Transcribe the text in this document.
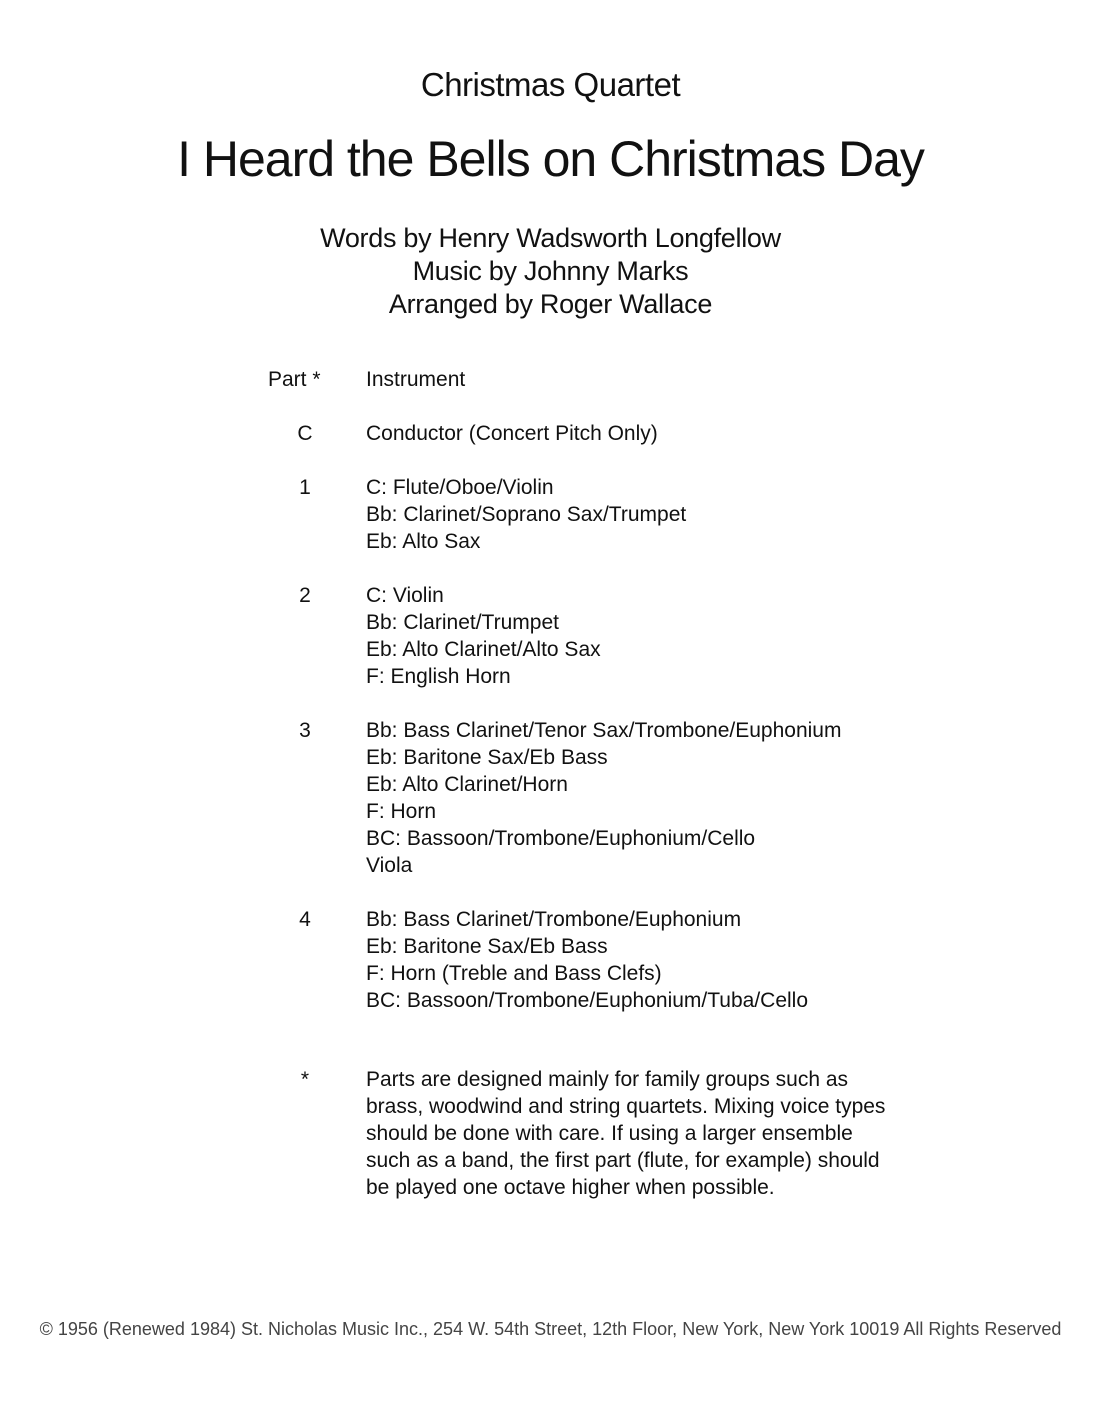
Christmas Quartet
I Heard the Bells on Christmas Day
Words by Henry Wadsworth Longfellow
Music by Johnny Marks
Arranged by Roger Wallace
Part * Instrument
C	Conductor (Concert Pitch Only)
1	C: Flute/Oboe/Violin
Bb: Clarinet/Soprano Sax/Trumpet
Eb: Alto Sax
2	C: Violin
Bb: Clarinet/Trumpet
Eb: Alto Clarinet/Alto Sax
F: English Horn
3	Bb: Bass Clarinet/Tenor Sax/Trombone/Euphonium
Eb: Baritone Sax/Eb Bass
Eb: Alto Clarinet/Horn
F: Horn
BC: Bassoon/Trombone/Euphonium/Cello
Viola
4	Bb: Bass Clarinet/Trombone/Euphonium
Eb: Baritone Sax/Eb Bass
F: Horn (Treble and Bass Clefs)
BC: Bassoon/Trombone/Euphonium/Tuba/Cello
*	Parts are designed mainly for family groups such as brass, woodwind and string quartets. Mixing voice types should be done with care. If using a larger ensemble such as a band, the first part (flute, for example) should be played one octave higher when possible.
© 1956 (Renewed 1984) St. Nicholas Music Inc., 254 W. 54th Street, 12th Floor, New York, New York 10019 All Rights Reserved
